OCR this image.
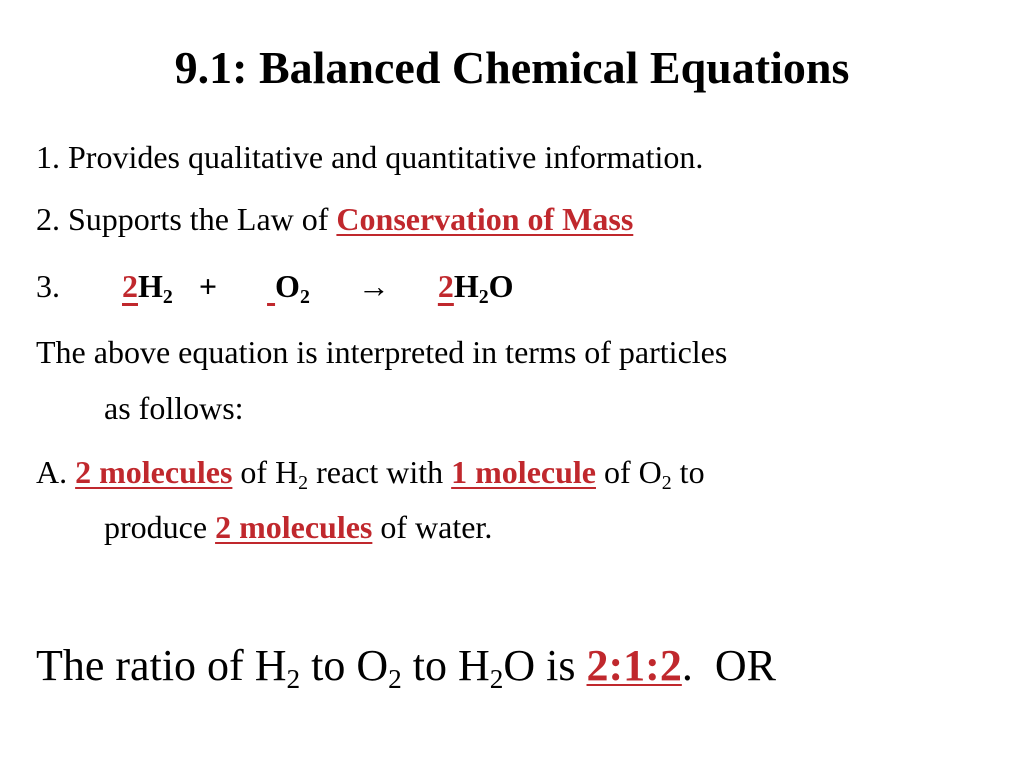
9.1: Balanced Chemical Equations
1. Provides qualitative and quantitative information.
2. Supports the Law of Conservation of Mass
3. $2H_2 + O_2 \to 2H_2O$
The above equation is interpreted in terms of particles
as follows:
A. 2 molecules of $H_2$ react with 1 molecule of $O_2$ to
produce 2 molecules of water.
The ratio of $H_2$ to $O_2$ to $H_2O$ is 2:1:2.  OR
